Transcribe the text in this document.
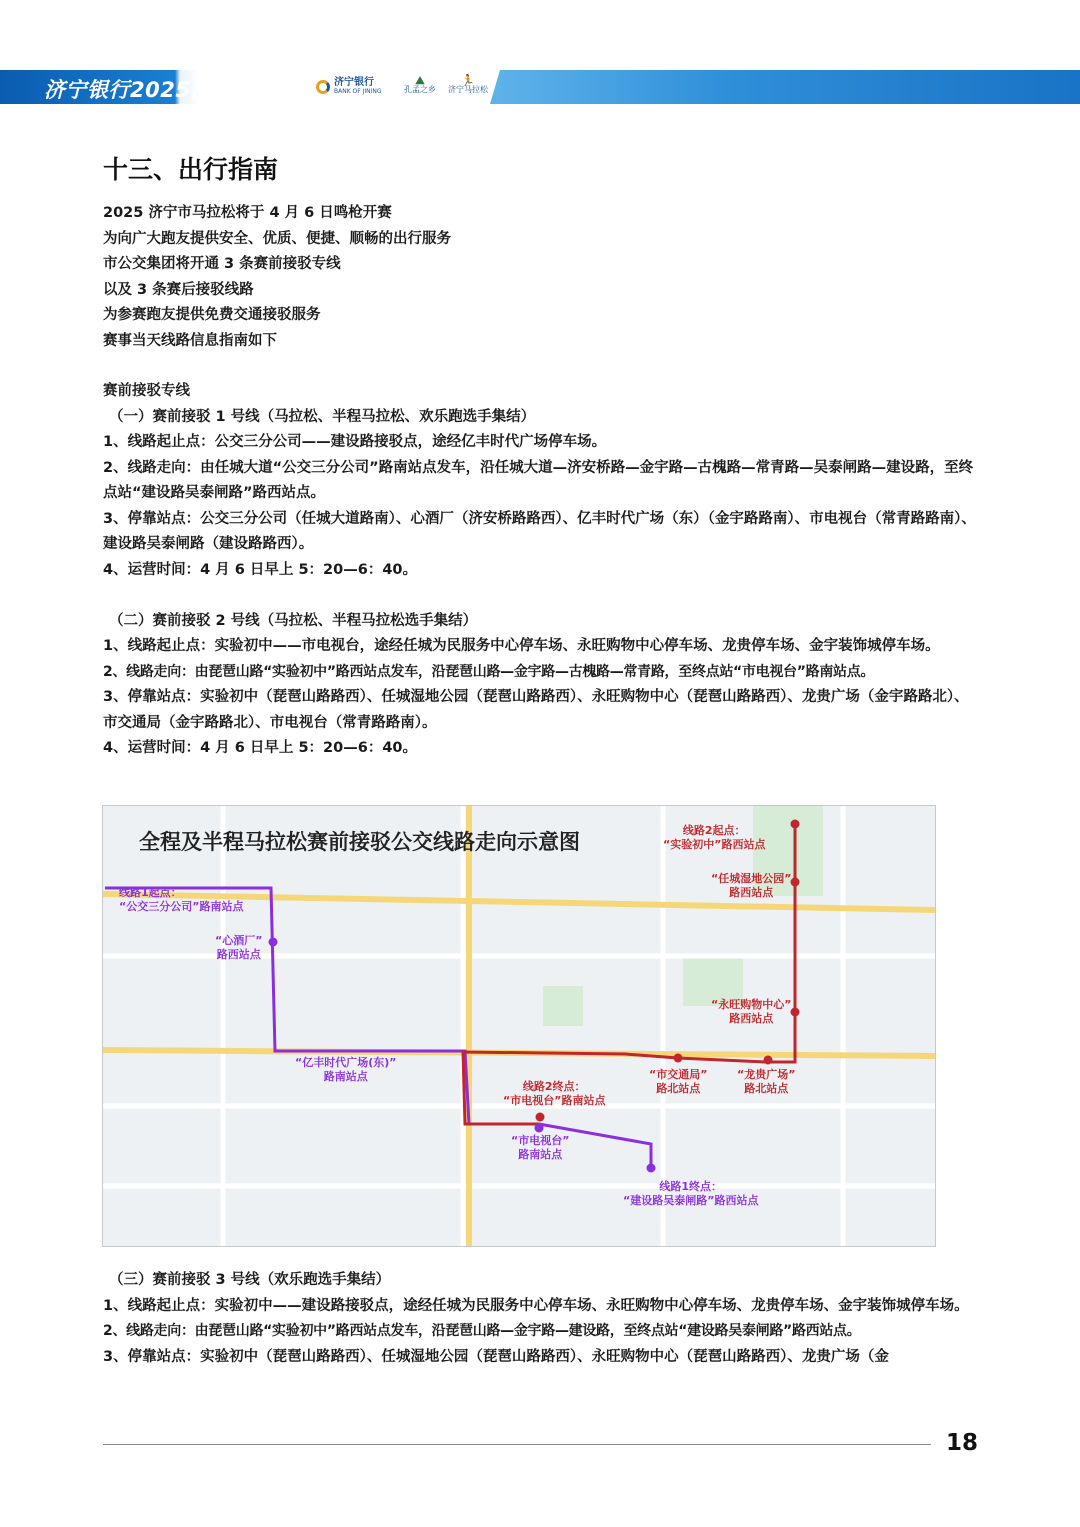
济宁银行2025济宁马拉松	济宁银行
BANK OF JINING
⛰
孔孟之乡
🏃
济宁马拉松
十三、出行指南

2025 济宁市马拉松将于 4 月 6 日鸣枪开赛

为向广大跑友提供安全、优质、便捷、顺畅的出行服务

市公交集团将开通 3 条赛前接驳专线

以及 3 条赛后接驳线路

为参赛跑友提供免费交通接驳服务

赛事当天线路信息指南如下

赛前接驳专线

（一）赛前接驳 1 号线（马拉松、半程马拉松、欢乐跑选手集结）

1、线路起止点：公交三分公司——建设路接驳点，途经亿丰时代广场停车场。

2、线路走向：由任城大道“公交三分公司”路南站点发车，沿任城大道—济安桥路—金宇路—古槐路—常青路—吴泰闸路—建设路，至终点站“建设路吴泰闸路”路西站点。

3、停靠站点：公交三分公司（任城大道路南）、心酒厂（济安桥路路西）、亿丰时代广场（东）（金宇路路南）、市电视台（常青路路南）、建设路吴泰闸路（建设路路西）。

4、运营时间：4 月 6 日早上 5：20—6：40。

（二）赛前接驳 2 号线（马拉松、半程马拉松选手集结）

1、线路起止点：实验初中——市电视台，途经任城为民服务中心停车场、永旺购物中心停车场、龙贵停车场、金宇装饰城停车场。

2、线路走向：由琵琶山路“实验初中”路西站点发车，沿琵琶山路—金宇路—古槐路—常青路，至终点站“市电视台”路南站点。

3、停靠站点：实验初中（琵琶山路路西）、任城湿地公园（琵琶山路路西）、永旺购物中心（琵琶山路路西）、龙贵广场（金宇路路北）、市交通局（金宇路路北）、市电视台（常青路路南）。

4、运营时间：4 月 6 日早上 5：20—6：40。

全程及半程马拉松赛前接驳公交线路走向示意图
线路1起点：
“公交三分公司”路南站点
“心酒厂”
路西站点
“亿丰时代广场(东)”
路南站点
“市电视台”
路南站点
线路1终点：
“建设路吴泰闸路”路西站点
线路2起点：
“实验初中”路西站点
“任城湿地公园”
路西站点
“永旺购物中心”
路西站点
“龙贵广场”
路北站点
“市交通局”
路北站点
线路2终点：
“市电视台”路南站点

（三）赛前接驳 3 号线（欢乐跑选手集结）

1、线路起止点：实验初中——建设路接驳点，途经任城为民服务中心停车场、永旺购物中心停车场、龙贵停车场、金宇装饰城停车场。

2、线路走向：由琵琶山路“实验初中”路西站点发车，沿琵琶山路—金宇路—建设路，至终点站“建设路吴泰闸路”路西站点。

3、停靠站点：实验初中（琵琶山路路西）、任城湿地公园（琵琶山路路西）、永旺购物中心（琵琶山路路西）、龙贵广场（金

18
